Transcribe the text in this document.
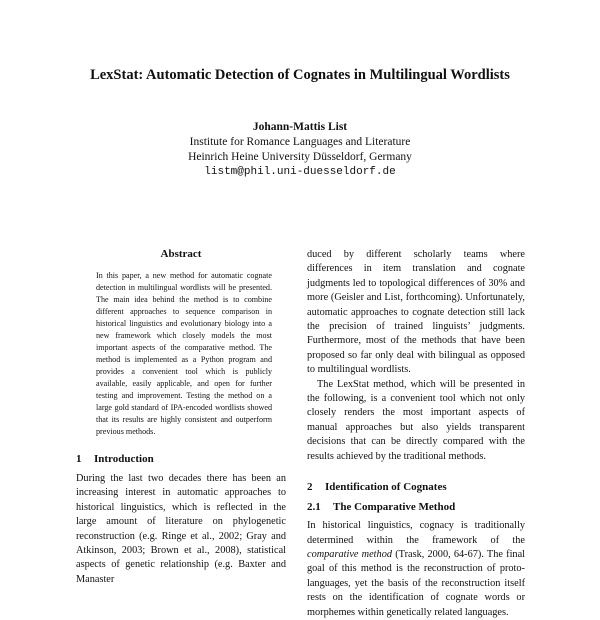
LexStat: Automatic Detection of Cognates in Multilingual Wordlists
Johann-Mattis List
Institute for Romance Languages and Literature
Heinrich Heine University Düsseldorf, Germany
listm@phil.uni-duesseldorf.de

Abstract

In this paper, a new method for automatic cognate detection in multilingual wordlists will be presented. The main idea behind the method is to combine different approaches to sequence comparison in historical linguistics and evolutionary biology into a new framework which closely models the most important aspects of the comparative method. The method is implemented as a Python program and provides a convenient tool which is publicly available, easily applicable, and open for further testing and improvement. Testing the method on a large gold standard of IPA-encoded wordlists showed that its results are highly consistent and outperform previous methods.

1 Introduction

During the last two decades there has been an increasing interest in automatic approaches to historical linguistics, which is reflected in the large amount of literature on phylogenetic reconstruction (e.g. Ringe et al., 2002; Gray and Atkinson, 2003; Brown et al., 2008), statistical aspects of genetic relationship (e.g. Baxter and Manaster

duced by different scholarly teams where differences in item translation and cognate judgments led to topological differences of 30% and more (Geisler and List, forthcoming). Unfortunately, automatic approaches to cognate detection still lack the precision of trained linguists’ judgments. Furthermore, most of the methods that have been proposed so far only deal with bilingual as opposed to multilingual wordlists.

The LexStat method, which will be presented in the following, is a convenient tool which not only closely renders the most important aspects of manual approaches but also yields transparent decisions that can be directly compared with the results achieved by the traditional methods.

2 Identification of Cognates

2.1 The Comparative Method

In historical linguistics, cognacy is traditionally determined within the framework of the comparative method (Trask, 2000, 64-67). The final goal of this method is the reconstruction of proto-languages, yet the basis of the reconstruction itself rests on the identification of cognate words or morphemes within genetically related languages.
